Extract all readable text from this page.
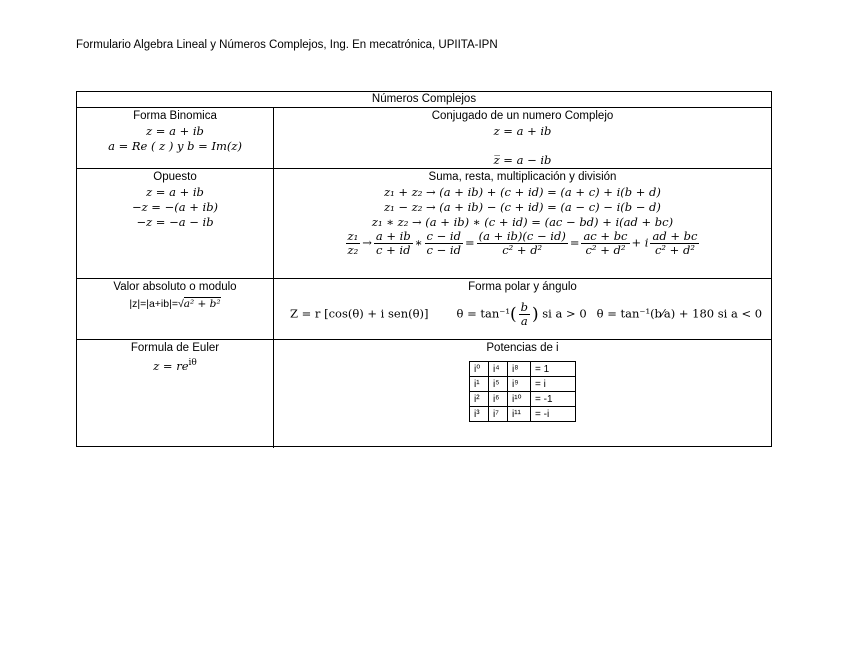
Formulario Algebra Lineal y Números Complejos, Ing. En mecatrónica, UPIITA-IPN
Números Complejos
Forma Binomica
z = a + ib
a = Re ( z ) y b = Im(z)
Conjugado de un numero Complejo
z = a + ib
z̅ = a − ib
Opuesto
z = a + ib
−z = −(a + ib)
−z = −a − ib
Suma, resta, multiplicación y división
z₁ + z₂ → (a + ib) + (c + id) = (a + c) + i(b + d)
z₁ − z₂ → (a + ib) − (c + id) = (a − c) − i(b − d)
z₁ ∗ z₂ → (a + ib) ∗ (c + id) = (ac − bd) + i(ad + bc)
$\frac{\text{z₁}}{\text{z₂}} \to \frac{a + ib}{c + id}$ ∗ $\frac{c - id}{c - id} = \frac{(a + ib)(c - id)}{\text{c² + d²}} = \frac{ac + bc}{\text{c² + d²}} + i \frac{ad + bc}{\text{c² + d²}}$
Valor absoluto o modulo
|z|=|a+ib|=√a² + b²
Forma polar y ángulo
Z = r [cos(θ) + i sen(θ)] $\theta = \tan^{-1}( \frac{b}{a}$ ) si a > 0 θ = tan⁻¹(b⁄a) + 180 si a < 0
Formula de Euler
$z = re^{i\theta}$
Potencias de i
i⁰	i⁴	i⁸	= 1
i¹	i⁵	i⁹	= i
i²	i⁶	i¹⁰	= -1
i³	i⁷	i¹¹	= -i
